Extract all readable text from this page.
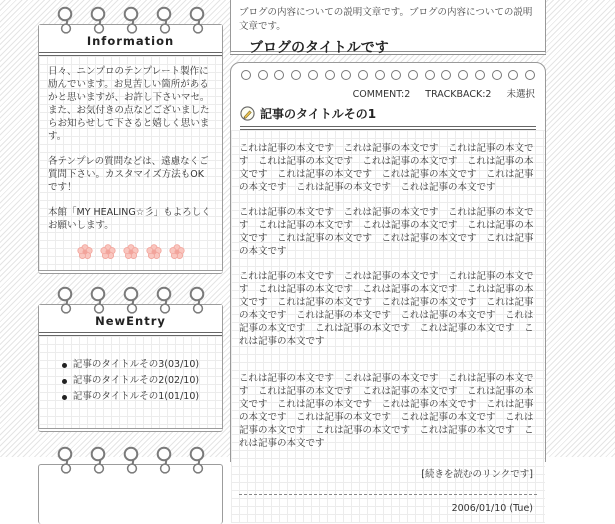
Information

日々、ニンプロのテンプレート製作に励んでいます。お見苦しい箇所があるかと思いますが、お許し下さいマセ。また、お気付きの点などございましたらお知らせして下さると嬉しく思います。

各テンプレの質問などは、遠慮なくご質問下さい。カスタマイズ方法もOKです！

本館「MY HEALING☆彡」もよろしくお願いします。

NewEntry
記事のタイトルその3(03/10)
記事のタイトルその2(02/10)
記事のタイトルその1(01/10)
ブログの内容についての説明文章です。ブログの内容についての説明文章です。
ブログのタイトルです
COMMENT:2 TRACKBACK:2 未選択
記事のタイトルその1

これは記事の本文です　これは記事の本文です　これは記事の本文です　これは記事の本文です　これは記事の本文です　これは記事の本文です　これは記事の本文です　これは記事の本文です　これは記事の本文です　これは記事の本文です　これは記事の本文です

これは記事の本文です　これは記事の本文です　これは記事の本文です　これは記事の本文です　これは記事の本文です　これは記事の本文です　これは記事の本文です　これは記事の本文です　これは記事の本文です

これは記事の本文です　これは記事の本文です　これは記事の本文です　これは記事の本文です　これは記事の本文です　これは記事の本文です　これは記事の本文です　これは記事の本文です　これは記事の本文です　これは記事の本文です　これは記事の本文です　これは記事の本文です　これは記事の本文です　これは記事の本文です　これは記事の本文です

これは記事の本文です　これは記事の本文です　これは記事の本文です　これは記事の本文です　これは記事の本文です　これは記事の本文です　これは記事の本文です　これは記事の本文です　これは記事の本文です　これは記事の本文です　これは記事の本文です　これは記事の本文です　これは記事の本文です　これは記事の本文です　これは記事の本文です

[続きを読むのリンクです]
2006/01/10 (Tue)
